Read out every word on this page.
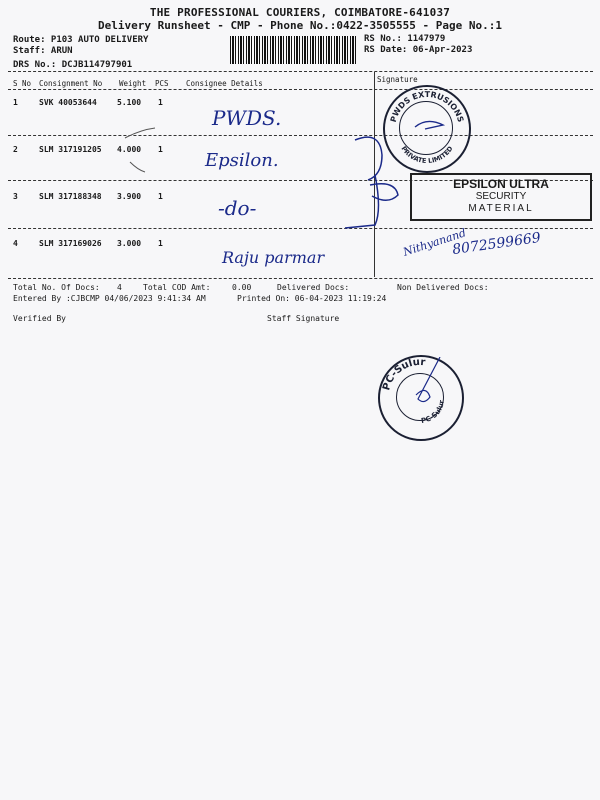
THE PROFESSIONAL COURIERS, COIMBATORE-641037
Delivery Runsheet - CMP - Phone No.:0422-3505555 - Page No.:1
Route: P103 AUTO DELIVERY
Staff: ARUN
DRS No.: DCJB114797901
RS No.: 1147979
RS Date: 06-Apr-2023
S No Consignment No Weight PCS Consignee Details	Signature
1	SVK 40053644	5.100 1
PWDS.
2	SLM 317191205 4.000 1
Epsilon.
3	SLM 317188348 3.900 1	-do-
4	SLM 317169026 3.000 1
Raju parmar
PWDS EXTRUSIONS
PRIVATE LIMITED
EPSILON ULTRA
SECURITY
MATERIAL
Nithyanand
8072599669
Total No. Of Docs: 4	Total COD Amt:	0.00	Delivered Docs:	Non Delivered Docs:
Entered By :CJBCMP 04/06/2023 9:41:34 AM	Printed On: 06-04-2023 11:19:24
Verified By	Staff Signature
PC-Sulur
PC-Sulur
